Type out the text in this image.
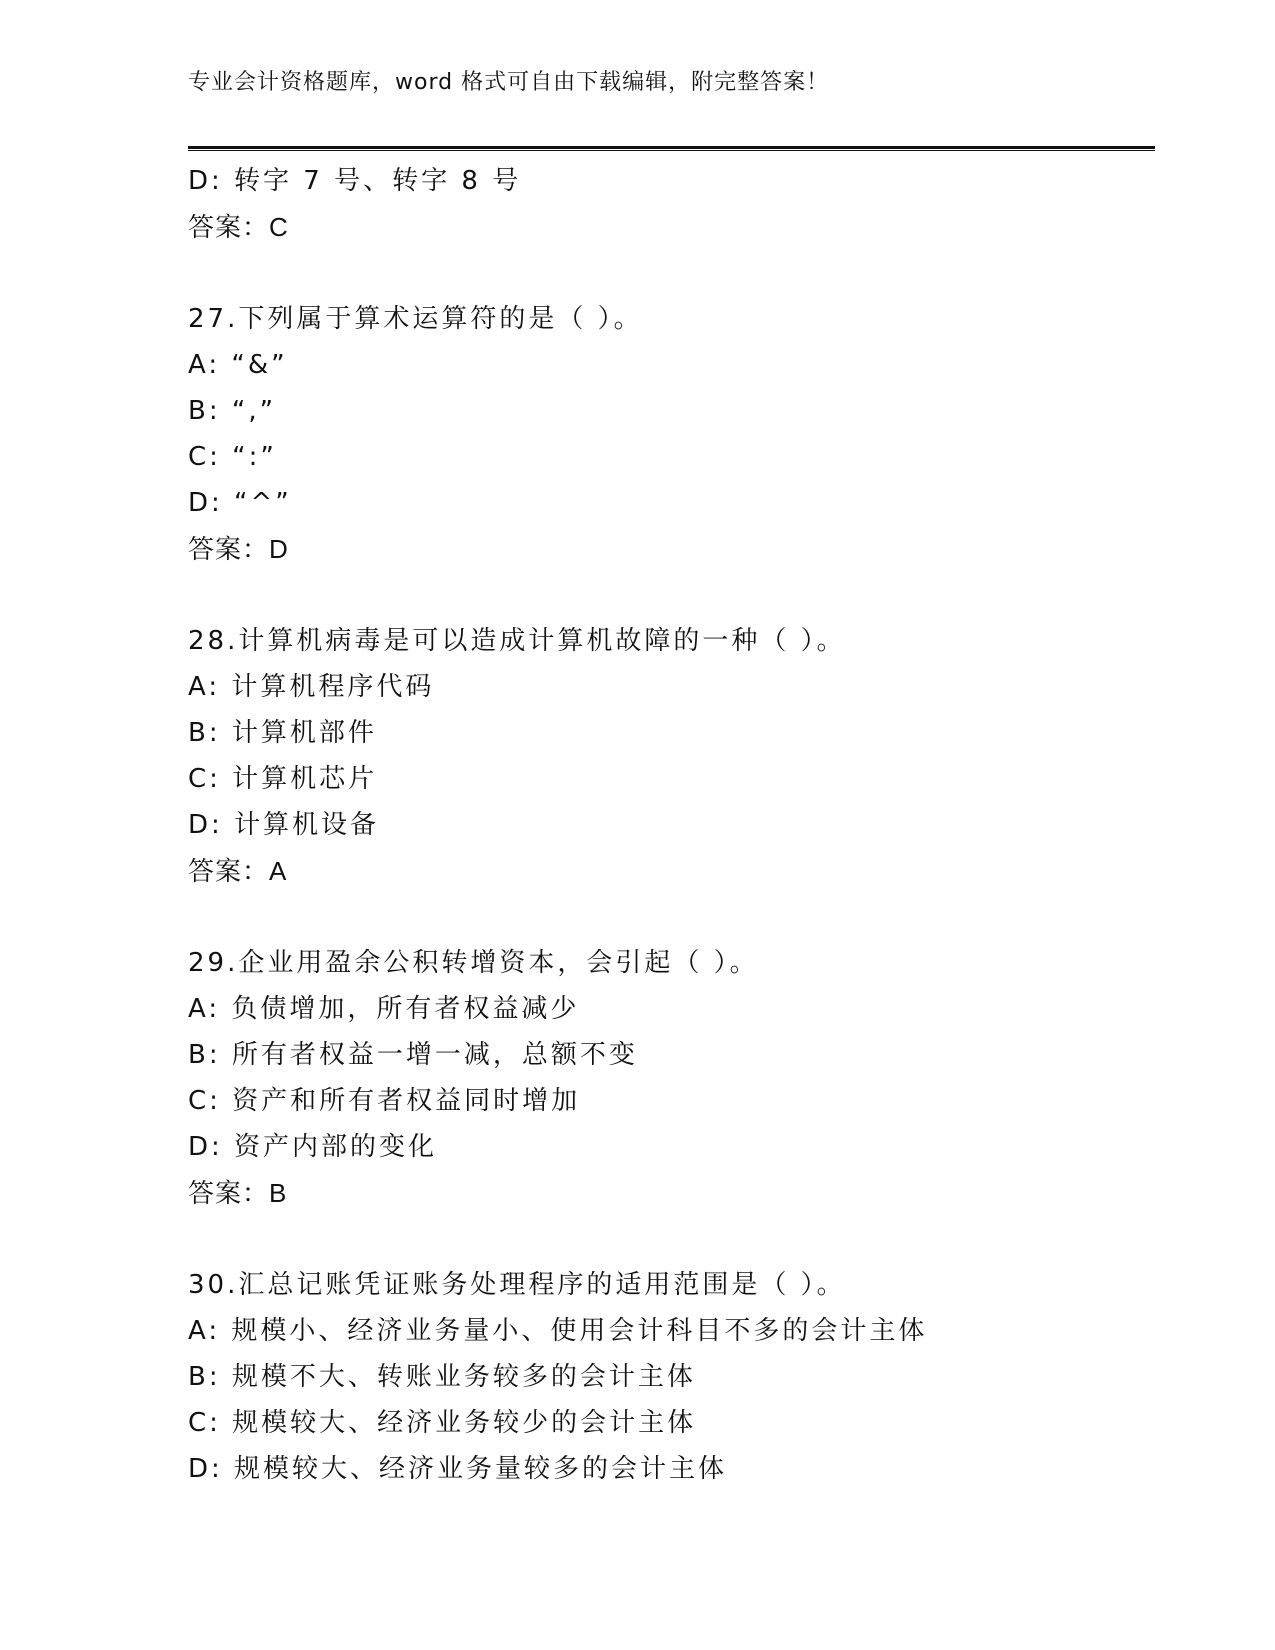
专业会计资格题库，word 格式可自由下载编辑，附完整答案！
D: 转字 7 号、转字 8 号
答案：C
27.下列属于算术运算符的是（ ）。
A: “&”
B: “,”
C: “:”
D: “^”
答案：D
28.计算机病毒是可以造成计算机故障的一种（ ）。
A: 计算机程序代码
B: 计算机部件
C: 计算机芯片
D: 计算机设备
答案：A
29.企业用盈余公积转增资本，会引起（ ）。
A: 负债增加，所有者权益减少
B: 所有者权益一增一减，总额不变
C: 资产和所有者权益同时增加
D: 资产内部的变化
答案：B
30.汇总记账凭证账务处理程序的适用范围是（ ）。
A: 规模小、经济业务量小、使用会计科目不多的会计主体
B: 规模不大、转账业务较多的会计主体
C: 规模较大、经济业务较少的会计主体
D: 规模较大、经济业务量较多的会计主体
